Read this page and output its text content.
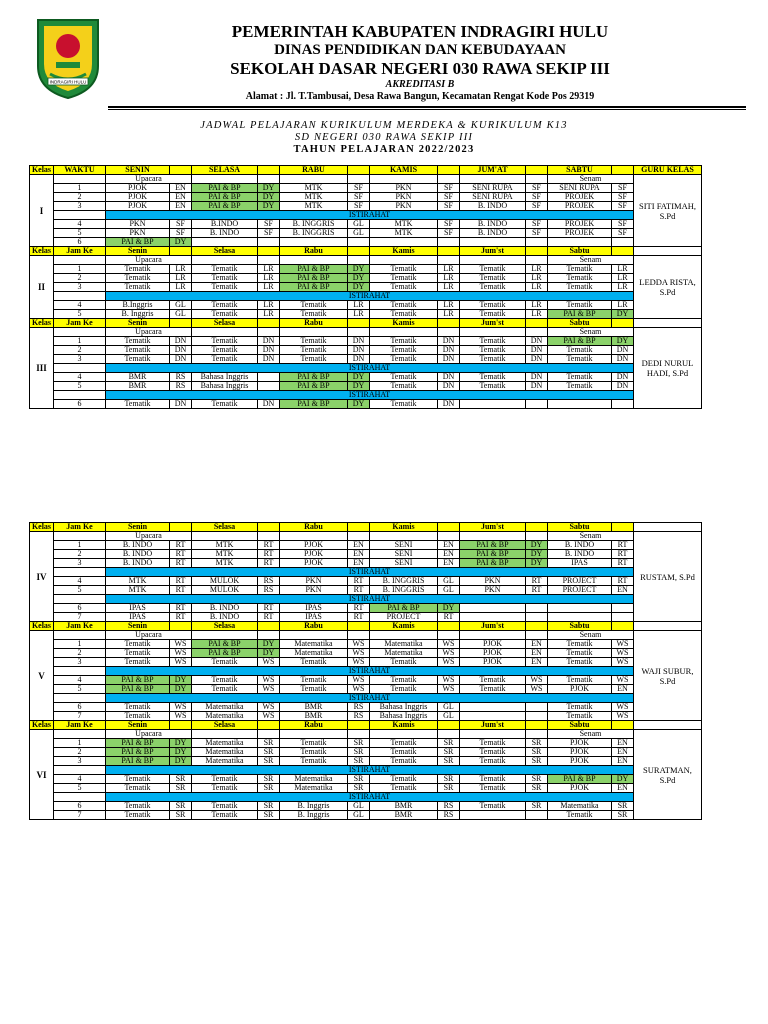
INDRAGIRI HULU
PEMERINTAH KABUPATEN INDRAGIRI HULU
DINAS PENDIDIKAN DAN KEBUDAYAAN
SEKOLAH DASAR NEGERI 030 RAWA SEKIP III
AKREDITASI B
Alamat : Jl. T.Tambusai, Desa Rawa Bangun, Kecamatan Rengat Kode Pos 29319
JADWAL PELAJARAN KURIKULUM MERDEKA & KURIKULUM K13
SD NEGERI 030 RAWA SEKIP III
TAHUN PELAJARAN 2022/2023
Kelas	WAKTU	SENIN		SELASA		RABU		KAMIS		JUM'AT		SABTU		GURU KELAS
I		Upacara										Senam		SITI FATIMAH, S.Pd
	1	PJOK	EN	PAI & BP	DY	MTK	SF	PKN	SF	SENI RUPA	SF	SENI RUPA	SF	
	2	PJOK	EN	PAI & BP	DY	MTK	SF	PKN	SF	SENI RUPA	SF	PROJEK	SF	
	3	PJOK	EN	PAI & BP	DY	MTK	SF	PKN	SF	B. INDO	SF	PROJEK	SF	
		ISTIRAHAT												
	4	PKN	SF	B.INDO	SF	B. INGGRIS	GL	MTK	SF	B. INDO	SF	PROJEK	SF	
	5	PKN	SF	B. INDO	SF	B. INGGRIS	GL	MTK	SF	B. INDO	SF	PROJEK	SF	
	6	PAI & BP	DY											
Kelas	Jam Ke	Senin		Selasa		Rabu		Kamis		Jum'st		Sabtu		
II		Upacara										Senam		LEDDA RISTA, S.Pd
	1	Tematik	LR	Tematik	LR	PAI & BP	DY	Tematik	LR	Tematik	LR	Tematik	LR	
	2	Tematik	LR	Tematik	LR	PAI & BP	DY	Tematik	LR	Tematik	LR	Tematik	LR	
	3	Tematik	LR	Tematik	LR	PAI & BP	DY	Tematik	LR	Tematik	LR	Tematik	LR	
		ISTIRAHAT												
	4	B.Inggris	GL	Tematik	LR	Tematik	LR	Tematik	LR	Tematik	LR	Tematik	LR	
	5	B. Inggris	GL	Tematik	LR	Tematik	LR	Tematik	LR	Tematik	LR	PAI & BP	DY	
Kelas	Jam Ke	Senin		Selasa		Rabu		Kamis		Jum'st		Sabtu		
III		Upacara										Senam		DEDI NURUL HADI, S.Pd
	1	Tematik	DN	Tematik	DN	Tematik	DN	Tematik	DN	Tematik	DN	PAI & BP	DY	
	2	Tematik	DN	Tematik	DN	Tematik	DN	Tematik	DN	Tematik	DN	Tematik	DN	
	3	Tematik	DN	Tematik	DN	Tematik	DN	Tematik	DN	Tematik	DN	Tematik	DN	
		ISTIRAHAT												
	4	BMR	RS	Bahasa Inggris		PAI & BP	DY	Tematik	DN	Tematik	DN	Tematik	DN	
	5	BMR	RS	Bahasa Inggris		PAI & BP	DY	Tematik	DN	Tematik	DN	Tematik	DN	
		ISTIRAHAT												
	6	Tematik	DN	Tematik	DN	PAI & BP	DY	Tematik	DN					
Kelas	Jam Ke	Senin		Selasa		Rabu		Kamis		Jum'st		Sabtu		
IV		Upacara										Senam		RUSTAM, S.Pd
	1	B. INDO	RT	MTK	RT	PJOK	EN	SENI	EN	PAI & BP	DY	B. INDO	RT	
	2	B. INDO	RT	MTK	RT	PJOK	EN	SENI	EN	PAI & BP	DY	B. INDO	RT	
	3	B. INDO	RT	MTK	RT	PJOK	EN	SENI	EN	PAI & BP	DY	IPAS	RT	
		ISTIRAHAT												
	4	MTK	RT	MULOK	RS	PKN	RT	B. INGGRIS	GL	PKN	RT	PROJECT	RT	
	5	MTK	RT	MULOK	RS	PKN	RT	B. INGGRIS	GL	PKN	RT	PROJECT	EN	
		ISTIRAHAT												
	6	IPAS	RT	B. INDO	RT	IPAS	RT	PAI & BP	DY					
	7	IPAS	RT	B. INDO	RT	IPAS	RT	PROJECT	RT					
Kelas	Jam Ke	Senin		Selasa		Rabu		Kamis		Jum'st		Sabtu		
V		Upacara										Senam		WAJI SUBUR, S.Pd
	1	Tematik	WS	PAI & BP	DY	Matematika	WS	Matematika	WS	PJOK	EN	Tematik	WS	
	2	Tematik	WS	PAI & BP	DY	Matematika	WS	Matematika	WS	PJOK	EN	Tematik	WS	
	3	Tematik	WS	Tematik	WS	Tematik	WS	Tematik	WS	PJOK	EN	Tematik	WS	
		ISTIRAHAT												
	4	PAI & BP	DY	Tematik	WS	Tematik	WS	Tematik	WS	Tematik	WS	Tematik	WS	
	5	PAI & BP	DY	Tematik	WS	Tematik	WS	Tematik	WS	Tematik	WS	PJOK	EN	
		ISTIRAHAT												
	6	Tematik	WS	Matematika	WS	BMR	RS	Bahasa Inggris	GL			Tematik	WS	
	7	Tematik	WS	Matematika	WS	BMR	RS	Bahasa Inggris	GL			Tematik	WS	
Kelas	Jam Ke	Senin		Selasa		Rabu		Kamis		Jum'st		Sabtu		
VI		Upacara										Senam		SURATMAN, S.Pd
	1	PAI & BP	DY	Matematika	SR	Tematik	SR	Tematik	SR	Tematik	SR	PJOK	EN	
	2	PAI & BP	DY	Matematika	SR	Tematik	SR	Tematik	SR	Tematik	SR	PJOK	EN	
	3	PAI & BP	DY	Matematika	SR	Tematik	SR	Tematik	SR	Tematik	SR	PJOK	EN	
		ISTIRAHAT												
	4	Tematik	SR	Tematik	SR	Matematika	SR	Tematik	SR	Tematik	SR	PAI & BP	DY	
	5	Tematik	SR	Tematik	SR	Matematika	SR	Tematik	SR	Tematik	SR	PJOK	EN	
		ISTIRAHAT												
	6	Tematik	SR	Tematik	SR	B. Inggris	GL	BMR	RS	Tematik	SR	Matematika	SR	
	7	Tematik	SR	Tematik	SR	B. Inggris	GL	BMR	RS			Tematik	SR	
